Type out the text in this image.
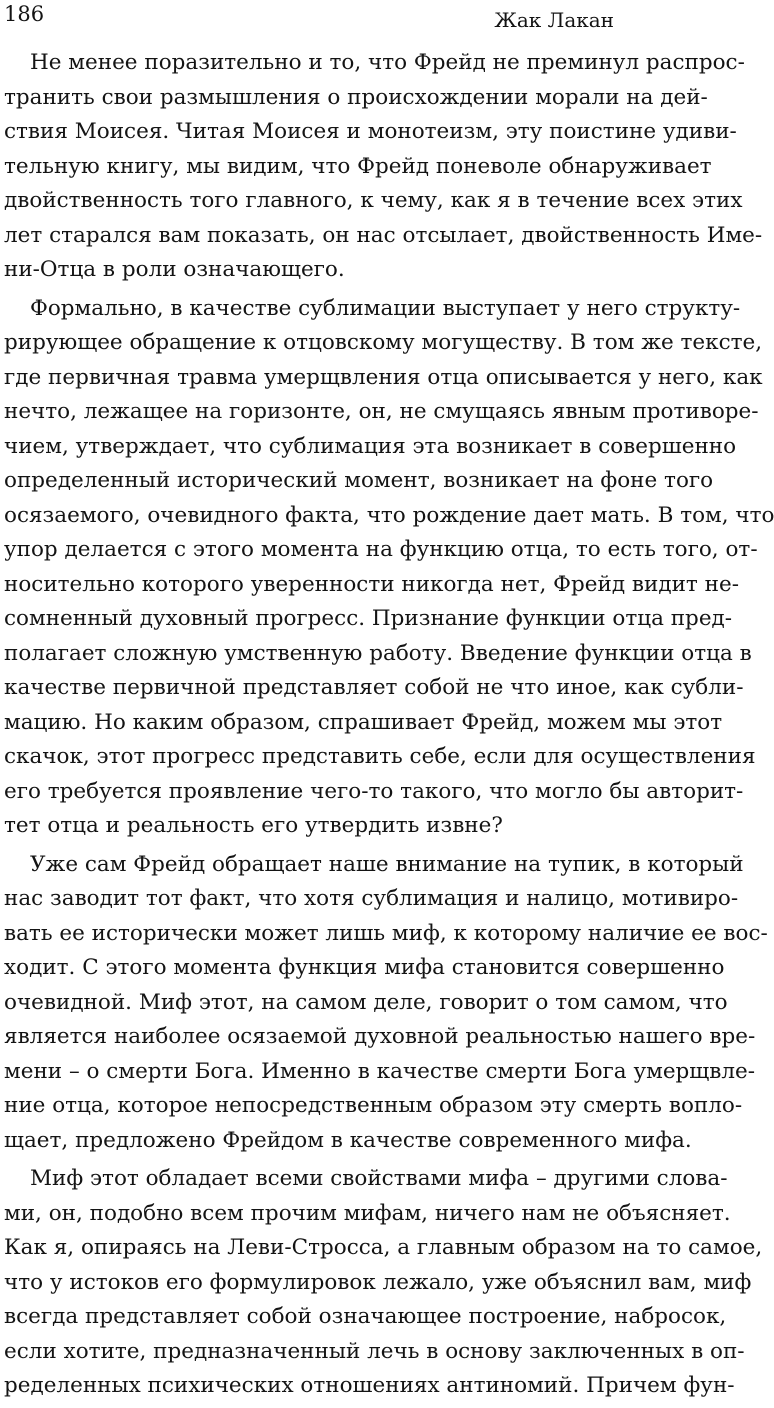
186	Жак Лакан
Не менее поразительно и то, что Фрейд не преминул распрос-
транить свои размышления о происхождении морали на дей-
ствия Моисея. Читая Моисея и монотеизм, эту поистине удиви-
тельную книгу, мы видим, что Фрейд поневоле обнаруживает
двойственность того главного, к чему, как я в течение всех этих
лет старался вам показать, он нас отсылает, двойственность Име-
ни-Отца в роли означающего.
Формально, в качестве сублимации выступает у него структу-
рирующее обращение к отцовскому могуществу. В том же тексте,
где первичная травма умерщвления отца описывается у него, как
нечто, лежащее на горизонте, он, не смущаясь явным противоре-
чием, утверждает, что сублимация эта возникает в совершенно
определенный исторический момент, возникает на фоне того
осязаемого, очевидного факта, что рождение дает мать. В том, что
упор делается с этого момента на функцию отца, то есть того, от-
носительно которого уверенности никогда нет, Фрейд видит не-
сомненный духовный прогресс. Признание функции отца пред-
полагает сложную умственную работу. Введение функции отца в
качестве первичной представляет собой не что иное, как субли-
мацию. Но каким образом, спрашивает Фрейд, можем мы этот
скачок, этот прогресс представить себе, если для осуществления
его требуется проявление чего-то такого, что могло бы авторит-
тет отца и реальность его утвердить извне?
Уже сам Фрейд обращает наше внимание на тупик, в который
нас заводит тот факт, что хотя сублимация и налицо, мотивиро-
вать ее исторически может лишь миф, к которому наличие ее вос-
ходит. С этого момента функция мифа становится совершенно
очевидной. Миф этот, на самом деле, говорит о том самом, что
является наиболее осязаемой духовной реальностью нашего вре-
мени – о смерти Бога. Именно в качестве смерти Бога умерщвле-
ние отца, которое непосредственным образом эту смерть вопло-
щает, предложено Фрейдом в качестве современного мифа.
Миф этот обладает всеми свойствами мифа – другими слова-
ми, он, подобно всем прочим мифам, ничего нам не объясняет.
Как я, опираясь на Леви-Стросса, а главным образом на то самое,
что у истоков его формулировок лежало, уже объяснил вам, миф
всегда представляет собой означающее построение, набросок,
если хотите, предназначенный лечь в основу заключенных в оп-
ределенных психических отношениях антиномий. Причем фун-
